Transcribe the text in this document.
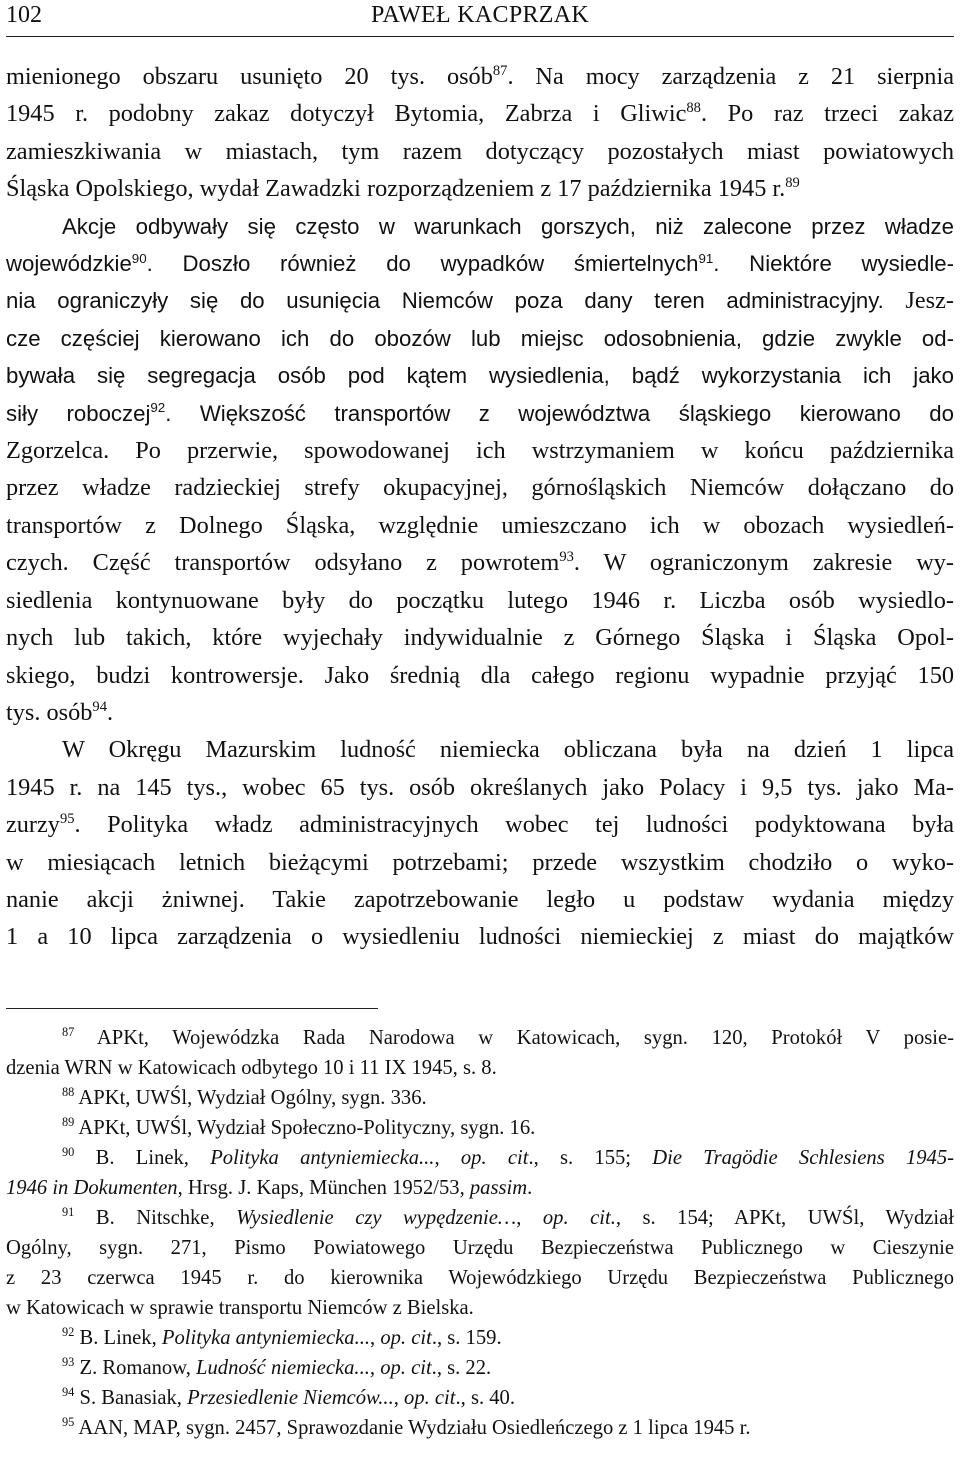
102	PAWEŁ KACPRZAK
mienionego obszaru usunięto 20 tys. osób$^{87}$. Na mocy zarządzenia z 21 sierpnia
1945 r. podobny zakaz dotyczył Bytomia, Zabrza i Gliwic$^{88}$. Po raz trzeci zakaz
zamieszkiwania w miastach, tym razem dotyczący pozostałych miast powiatowych
Śląska Opolskiego, wydał Zawadzki rozporządzeniem z 17 października 1945 r.$^{89}$
Akcje odbywały się często w warunkach gorszych, niż zalecone przez władze
wojewódzkie$^{90}$. Doszło również do wypadków śmiertelnych$^{91}$. Niektóre wysiedle-
nia ograniczyły się do usunięcia Niemców poza dany teren administracyjny. Jesz-
cze częściej kierowano ich do obozów lub miejsc odosobnienia, gdzie zwykle od-
bywała się segregacja osób pod kątem wysiedlenia, bądź wykorzystania ich jako
siły roboczej$^{92}$. Większość transportów z województwa śląskiego kierowano do
Zgorzelca. Po przerwie, spowodowanej ich wstrzymaniem w końcu października
przez władze radzieckiej strefy okupacyjnej, górnośląskich Niemców dołączano do
transportów z Dolnego Śląska, względnie umieszczano ich w obozach wysiedleń-
czych. Część transportów odsyłano z powrotem$^{93}$. W ograniczonym zakresie wy-
siedlenia kontynuowane były do początku lutego 1946 r. Liczba osób wysiedlo-
nych lub takich, które wyjechały indywidualnie z Górnego Śląska i Śląska Opol-
skiego, budzi kontrowersje. Jako średnią dla całego regionu wypadnie przyjąć 150
tys. osób$^{94}$.
W Okręgu Mazurskim ludność niemiecka obliczana była na dzień 1 lipca
1945 r. na 145 tys., wobec 65 tys. osób określanych jako Polacy i 9,5 tys. jako Ma-
zurzy$^{95}$. Polityka władz administracyjnych wobec tej ludności podyktowana była
w miesiącach letnich bieżącymi potrzebami; przede wszystkim chodziło o wyko-
nanie akcji żniwnej. Takie zapotrzebowanie legło u podstaw wydania między
1 a 10 lipca zarządzenia o wysiedleniu ludności niemieckiej z miast do majątków
$^{87}$ APKt, Wojewódzka Rada Narodowa w Katowicach, sygn. 120, Protokół V posie-
dzenia WRN w Katowicach odbytego 10 i 11 IX 1945, s. 8.
$^{88}$ APKt, UWŚl, Wydział Ogólny, sygn. 336.
$^{89}$ APKt, UWŚl, Wydział Społeczno-Polityczny, sygn. 16.
$^{90}$ B. Linek, Polityka antyniemiecka..., op. cit., s. 155; Die Tragödie Schlesiens 1945-
1946 in Dokumenten, Hrsg. J. Kaps, München 1952/53, passim.
$^{91}$ B. Nitschke, Wysiedlenie czy wypędzenie…, op. cit., s. 154; APKt, UWŚl, Wydział
Ogólny, sygn. 271, Pismo Powiatowego Urzędu Bezpieczeństwa Publicznego w Cieszynie
z 23 czerwca 1945 r. do kierownika Wojewódzkiego Urzędu Bezpieczeństwa Publicznego
w Katowicach w sprawie transportu Niemców z Bielska.
$^{92}$ B. Linek, Polityka antyniemiecka..., op. cit., s. 159.
$^{93}$ Z. Romanow, Ludność niemiecka..., op. cit., s. 22.
$^{94}$ S. Banasiak, Przesiedlenie Niemców..., op. cit., s. 40.
$^{95}$ AAN, MAP, sygn. 2457, Sprawozdanie Wydziału Osiedleńczego z 1 lipca 1945 r.
